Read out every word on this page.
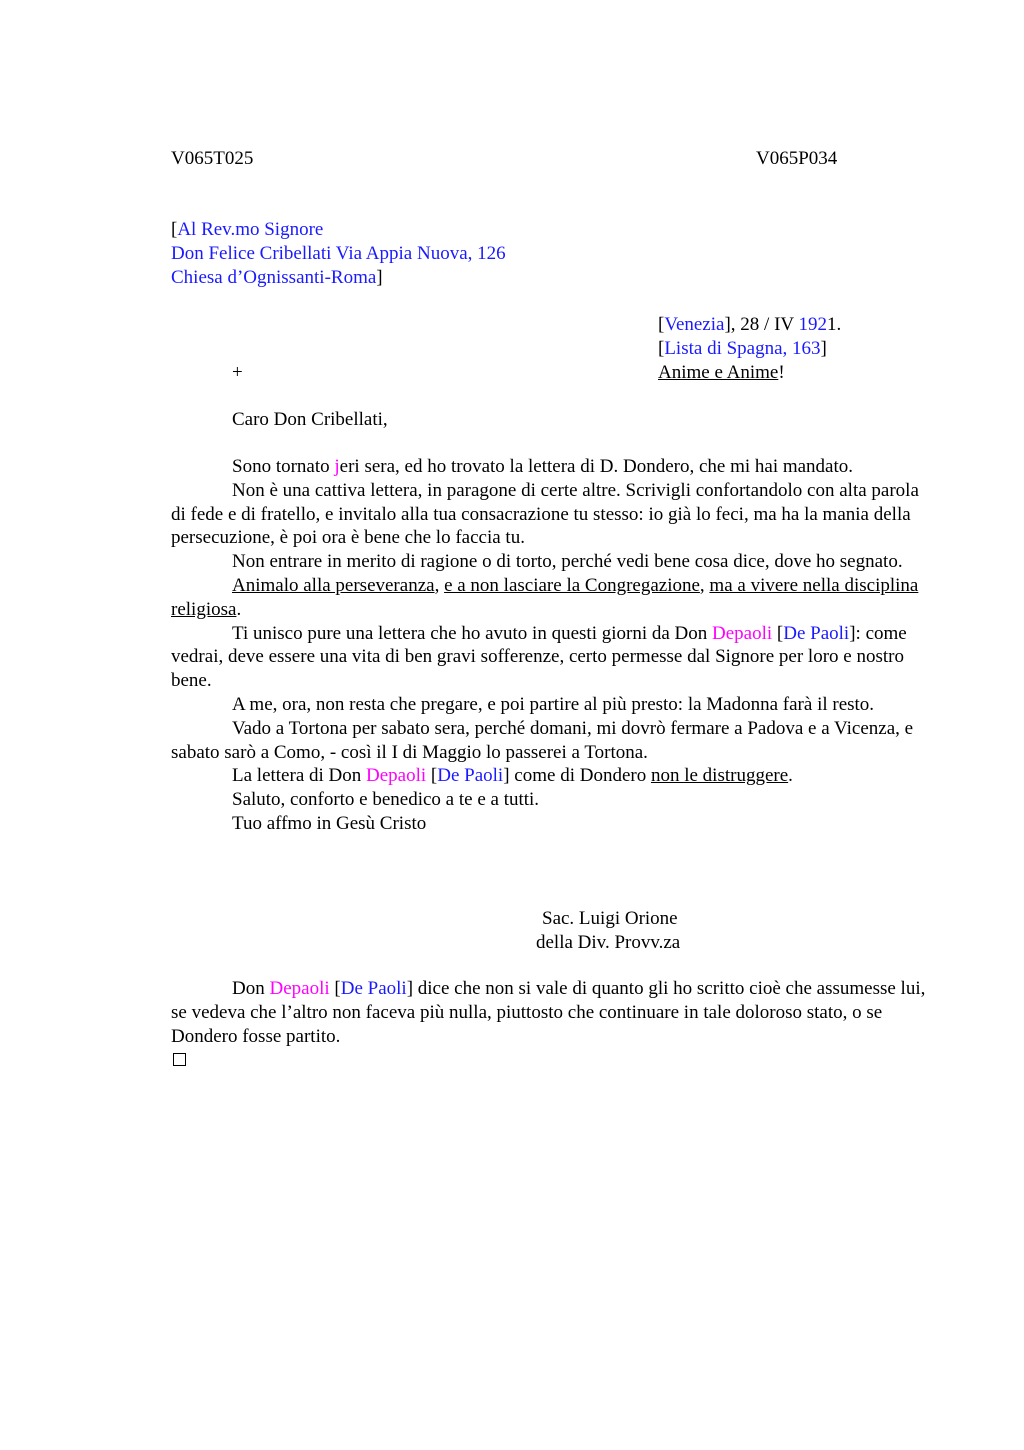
V065T025	V065P034
[Al Rev.mo Signore
Don Felice Cribellati Via Appia Nuova, 126
Chiesa d’Ognissanti-Roma]
[Venezia], 28 / IV 1921.
[Lista di Spagna, 163]
Anime e Anime!
+
Caro Don Cribellati,

Sono tornato jeri sera, ed ho trovato la lettera di D. Dondero, che mi hai mandato.

Non è una cattiva lettera, in paragone di certe altre. Scrivigli confortandolo con alta parola di fede e di fratello, e invitalo alla tua consacrazione tu stesso: io già lo feci, ma ha la mania della persecuzione, è poi ora è bene che lo faccia tu.

Non entrare in merito di ragione o di torto, perché vedi bene cosa dice, dove ho segnato.

Animalo alla perseveranza, e a non lasciare la Congregazione, ma a vivere nella disciplina religiosa.

Ti unisco pure una lettera che ho avuto in questi giorni da Don Depaoli [De Paoli]: come vedrai, deve essere una vita di ben gravi sofferenze, certo permesse dal Signore per loro e nostro bene.

A me, ora, non resta che pregare, e poi partire al più presto: la Madonna farà il resto.

Vado a Tortona per sabato sera, perché domani, mi dovrò fermare a Padova e a Vicenza, e sabato sarò a Como, - così il I di Maggio lo passerei a Tortona.

La lettera di Don Depaoli [De Paoli] come di Dondero non le distruggere.

Saluto, conforto e benedico a te e a tutti.

Tuo affmo in Gesù Cristo

Sac. Luigi Orione
della Div. Provv.za

Don Depaoli [De Paoli] dice che non si vale di quanto gli ho scritto cioè che assumesse lui, se vedeva che l’altro non faceva più nulla, piuttosto che continuare in tale doloroso stato, o se Dondero fosse partito.
